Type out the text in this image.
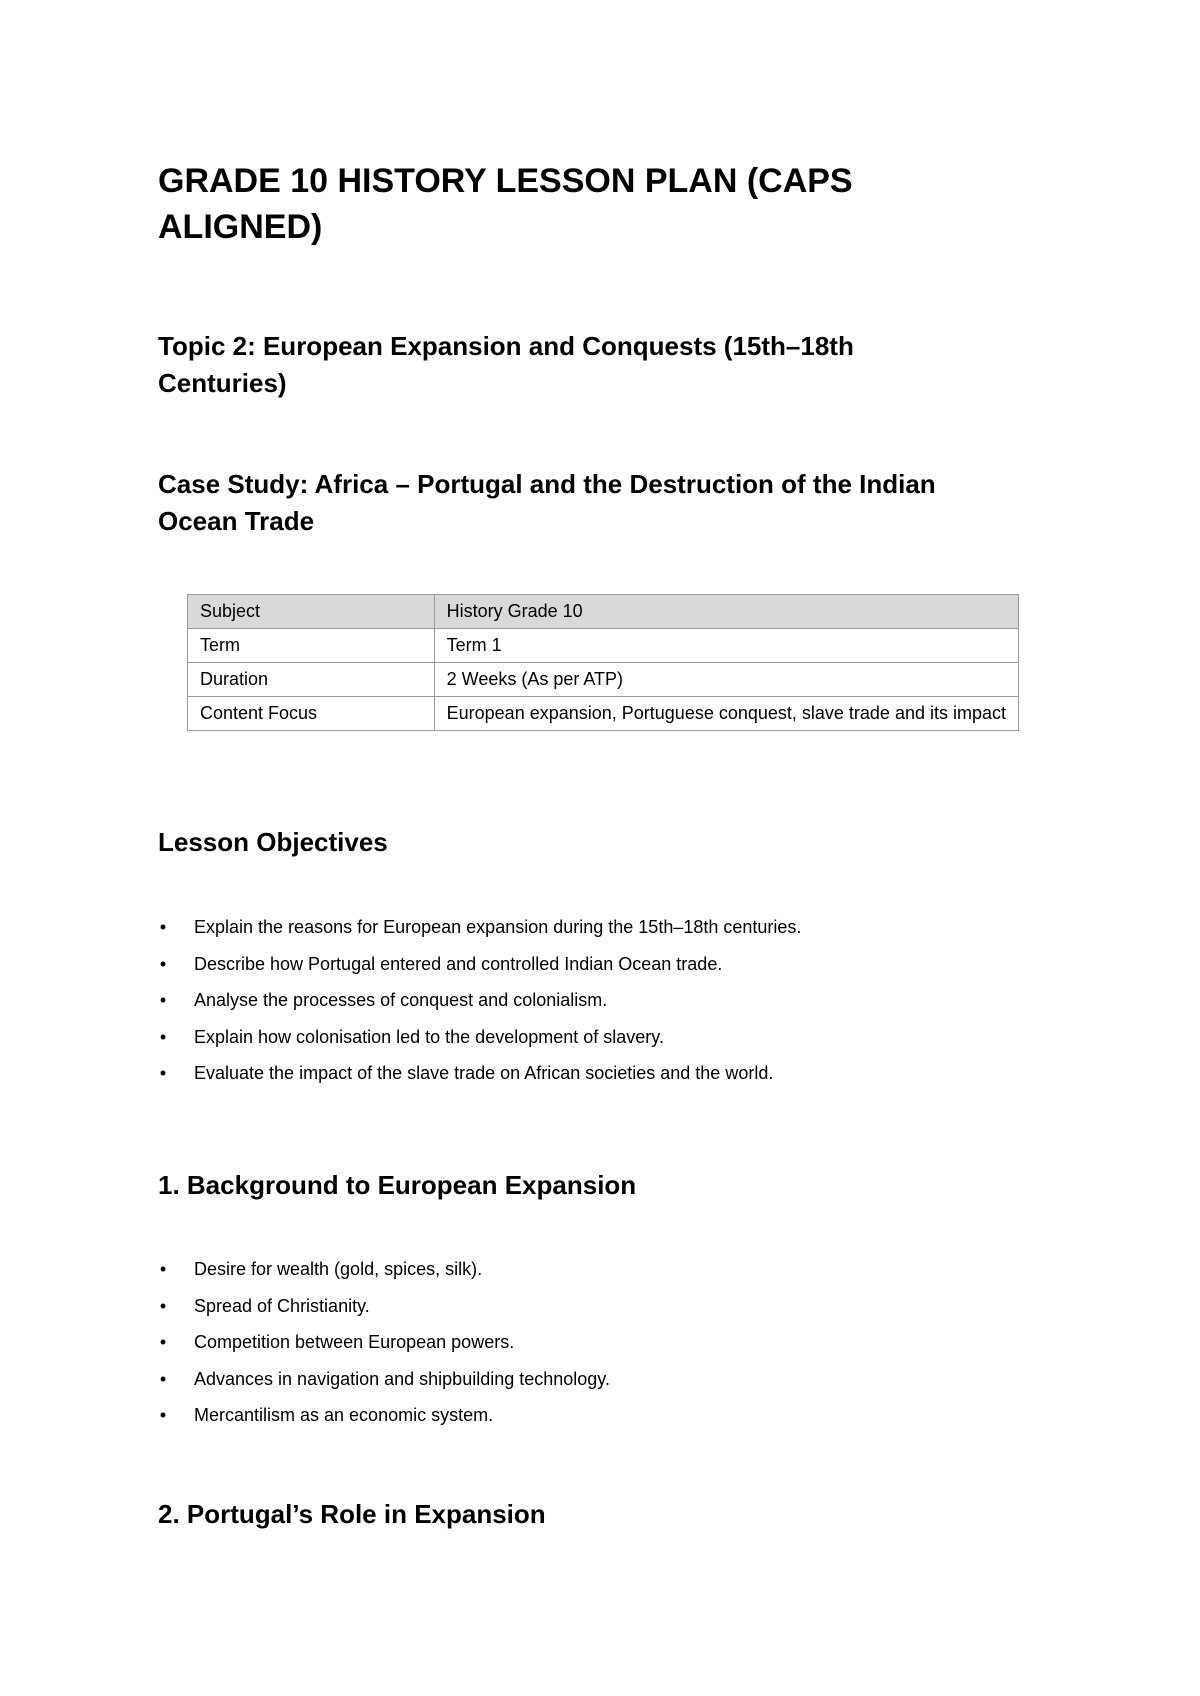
GRADE 10 HISTORY LESSON PLAN (CAPS ALIGNED)
Topic 2: European Expansion and Conquests (15th–18th Centuries)
Case Study: Africa – Portugal and the Destruction of the Indian Ocean Trade
Subject	History Grade 10
Term	Term 1
Duration	2 Weeks (As per ATP)
Content Focus	European expansion, Portuguese conquest, slave trade and its impact
Lesson Objectives
• Explain the reasons for European expansion during the 15th–18th centuries.
• Describe how Portugal entered and controlled Indian Ocean trade.
• Analyse the processes of conquest and colonialism.
• Explain how colonisation led to the development of slavery.
• Evaluate the impact of the slave trade on African societies and the world.
1. Background to European Expansion
• Desire for wealth (gold, spices, silk).
• Spread of Christianity.
• Competition between European powers.
• Advances in navigation and shipbuilding technology.
• Mercantilism as an economic system.
2. Portugal’s Role in Expansion
